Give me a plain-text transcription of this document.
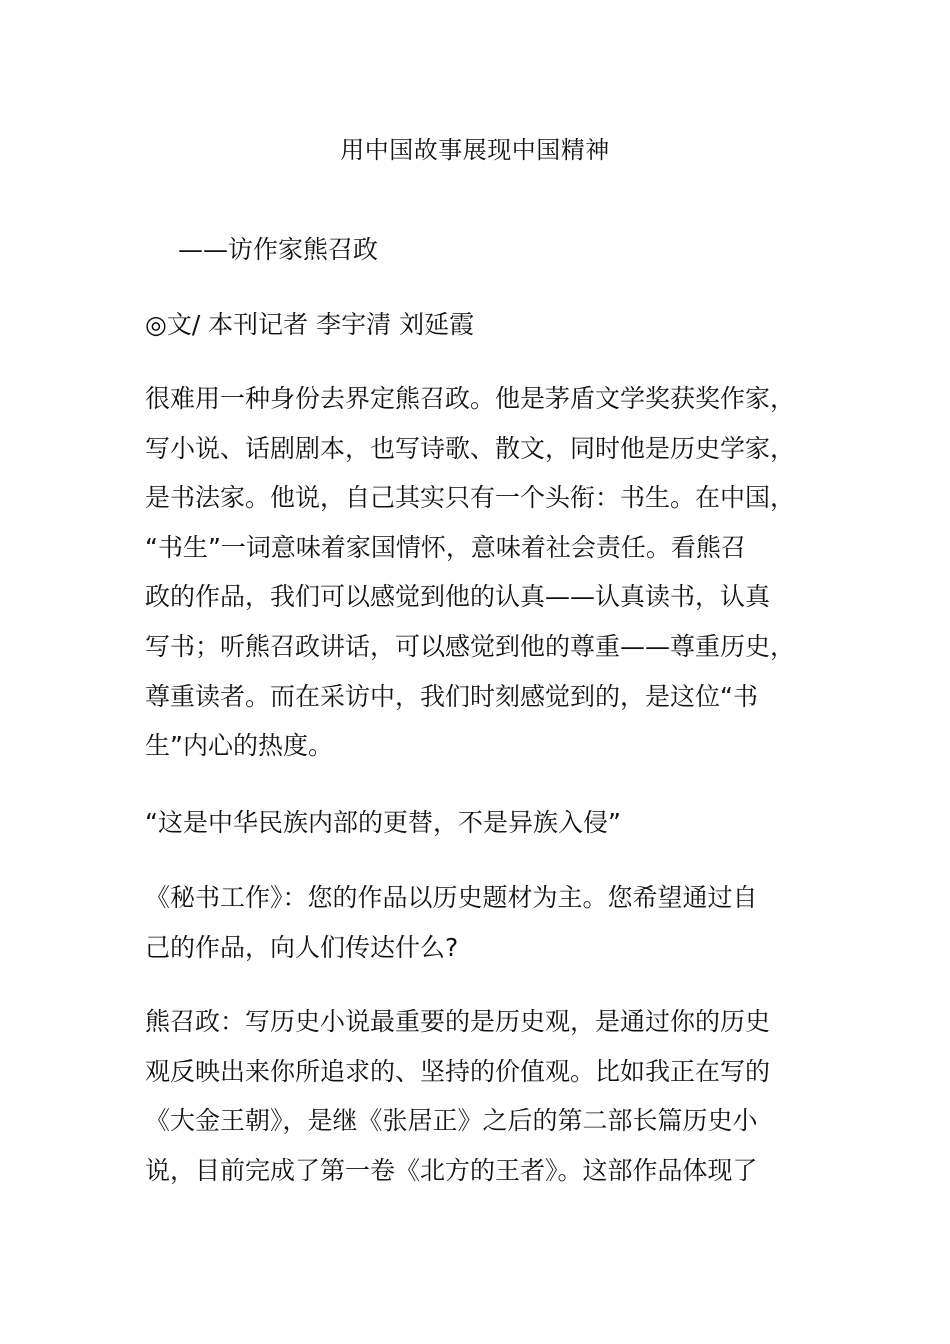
用中国故事展现中国精神
——访作家熊召政
◎文/ 本刊记者 李宇清 刘延霞
很难用一种身份去界定熊召政。他是茅盾文学奖获奖作家，
写小说、话剧剧本，也写诗歌、散文，同时他是历史学家，
是书法家。他说，自己其实只有一个头衔：书生。在中国，
“书生”一词意味着家国情怀，意味着社会责任。看熊召
政的作品，我们可以感觉到他的认真——认真读书，认真
写书；听熊召政讲话，可以感觉到他的尊重——尊重历史，
尊重读者。而在采访中，我们时刻感觉到的，是这位“书
生”内心的热度。
“这是中华民族内部的更替，不是异族入侵”
《秘书工作》：您的作品以历史题材为主。您希望通过自
己的作品，向人们传达什么?
熊召政：写历史小说最重要的是历史观，是通过你的历史
观反映出来你所追求的、坚持的价值观。比如我正在写的
《大金王朝》，是继《张居正》之后的第二部长篇历史小
说，目前完成了第一卷《北方的王者》。这部作品体现了
